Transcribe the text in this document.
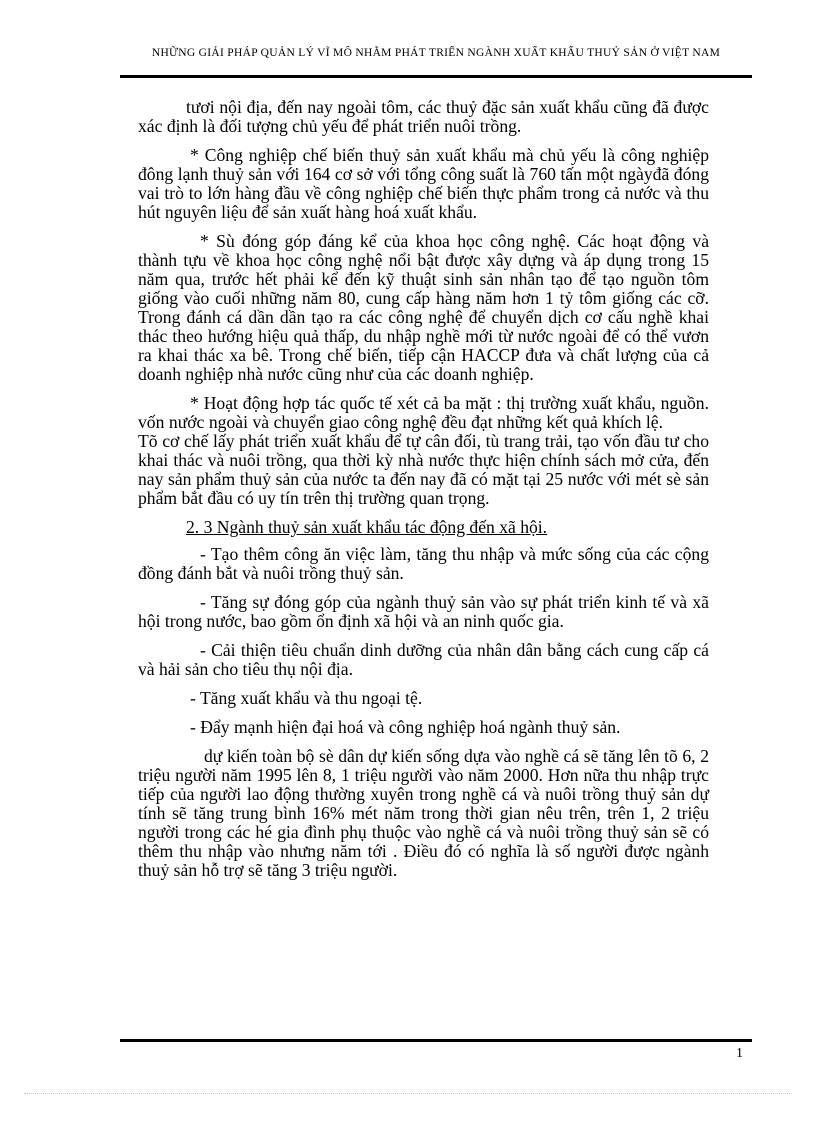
NHỮNG GIẢI PHÁP QUẢN LÝ VĨ MÔ NHẰM PHÁT TRIỂN NGÀNH XUẤT KHẨU THUỶ SẢN Ở VIỆT NAM

tươi nội địa, đến nay ngoài tôm, các thuỷ đặc sản xuất khẩu cũng đã được xác định là đối tượng chủ yếu để phát triển nuôi trồng.

* Công nghiệp chế biến thuỷ sản xuất khẩu mà chủ yếu là công nghiệp đông lạnh thuỷ sản với 164 cơ sở với tổng công suất là 760 tấn một ngàyđã đóng vai trò to lớn hàng đầu về công nghiệp chế biến thực phẩm trong cả nước và thu hút nguyên liệu để sản xuất hàng hoá xuất khẩu.

* Sù đóng góp đáng kể của khoa học công nghệ. Các hoạt động và thành tựu về khoa học công nghệ nổi bật được xây dựng và áp dụng trong 15 năm qua, trước hết phải kể đến kỹ thuật sinh sản nhân tạo để tạo nguồn tôm giống vào cuối những năm 80, cung cấp hàng năm hơn 1 tỷ tôm giống các cỡ. Trong đánh cá dần dần tạo ra các công nghệ để chuyển dịch cơ cấu nghề khai thác theo hướng hiệu quả thấp, du nhập nghề mới từ nước ngoài để có thể vươn ra khai thác xa bê. Trong chế biến, tiếp cận HACCP đưa và chất lượng của cả doanh nghiệp nhà nước cũng như của các doanh nghiệp.

* Hoạt động hợp tác quốc tế xét cả ba mặt : thị trường xuất khẩu, nguồn. vốn nước ngoài và chuyển giao công nghệ đều đạt những kết quả khích lệ.Tõ cơ chế lấy phát triển xuất khẩu để tự cân đối, tù trang trải, tạo vốn đầu tư cho khai thác và nuôi trồng, qua thời kỳ nhà nước thực hiện chính sách mở cửa, đến nay sản phẩm thuỷ sản của nước ta đến nay đã có mặt tại 25 nước với mét sè sản phẩm bắt đầu có uy tín trên thị trường quan trọng.

2. 3 Ngành thuỷ sản xuất khẩu tác động đến xã hội.

- Tạo thêm công ăn việc làm, tăng thu nhập và mức sống của các cộng đồng đánh bắt và nuôi trồng thuỷ sản.

- Tăng sự đóng góp của ngành thuỷ sản vào sự phát triển kinh tế và xã hội trong nước, bao gồm ổn định xã hội và an ninh quốc gia.

- Cải thiện tiêu chuẩn dinh dưỡng của nhân dân bằng cách cung cấp cá và hải sản cho tiêu thụ nội địa.

- Tăng xuất khẩu và thu ngoại tệ.

- Đẩy mạnh hiện đại hoá và công nghiệp hoá ngành thuỷ sản.

dự kiến toàn bộ sè dân dự kiến sống dựa vào nghề cá sẽ tăng lên tõ 6, 2 triệu người năm 1995 lên 8, 1 triệu người vào năm 2000. Hơn nữa thu nhập trực tiếp của người lao động thường xuyên trong nghề cá và nuôi trồng thuỷ sản dự tính sẽ tăng trung bình 16% mét năm trong thời gian nêu trên, trên 1, 2 triệu người trong các hé gia đình phụ thuộc vào nghề cá và nuôi trồng thuỷ sản sẽ có thêm thu nhập vào nhưng năm tới . Điều đó có nghĩa là số người được ngành thuỷ sản hỗ trợ sẽ tăng 3 triệu người.

1
